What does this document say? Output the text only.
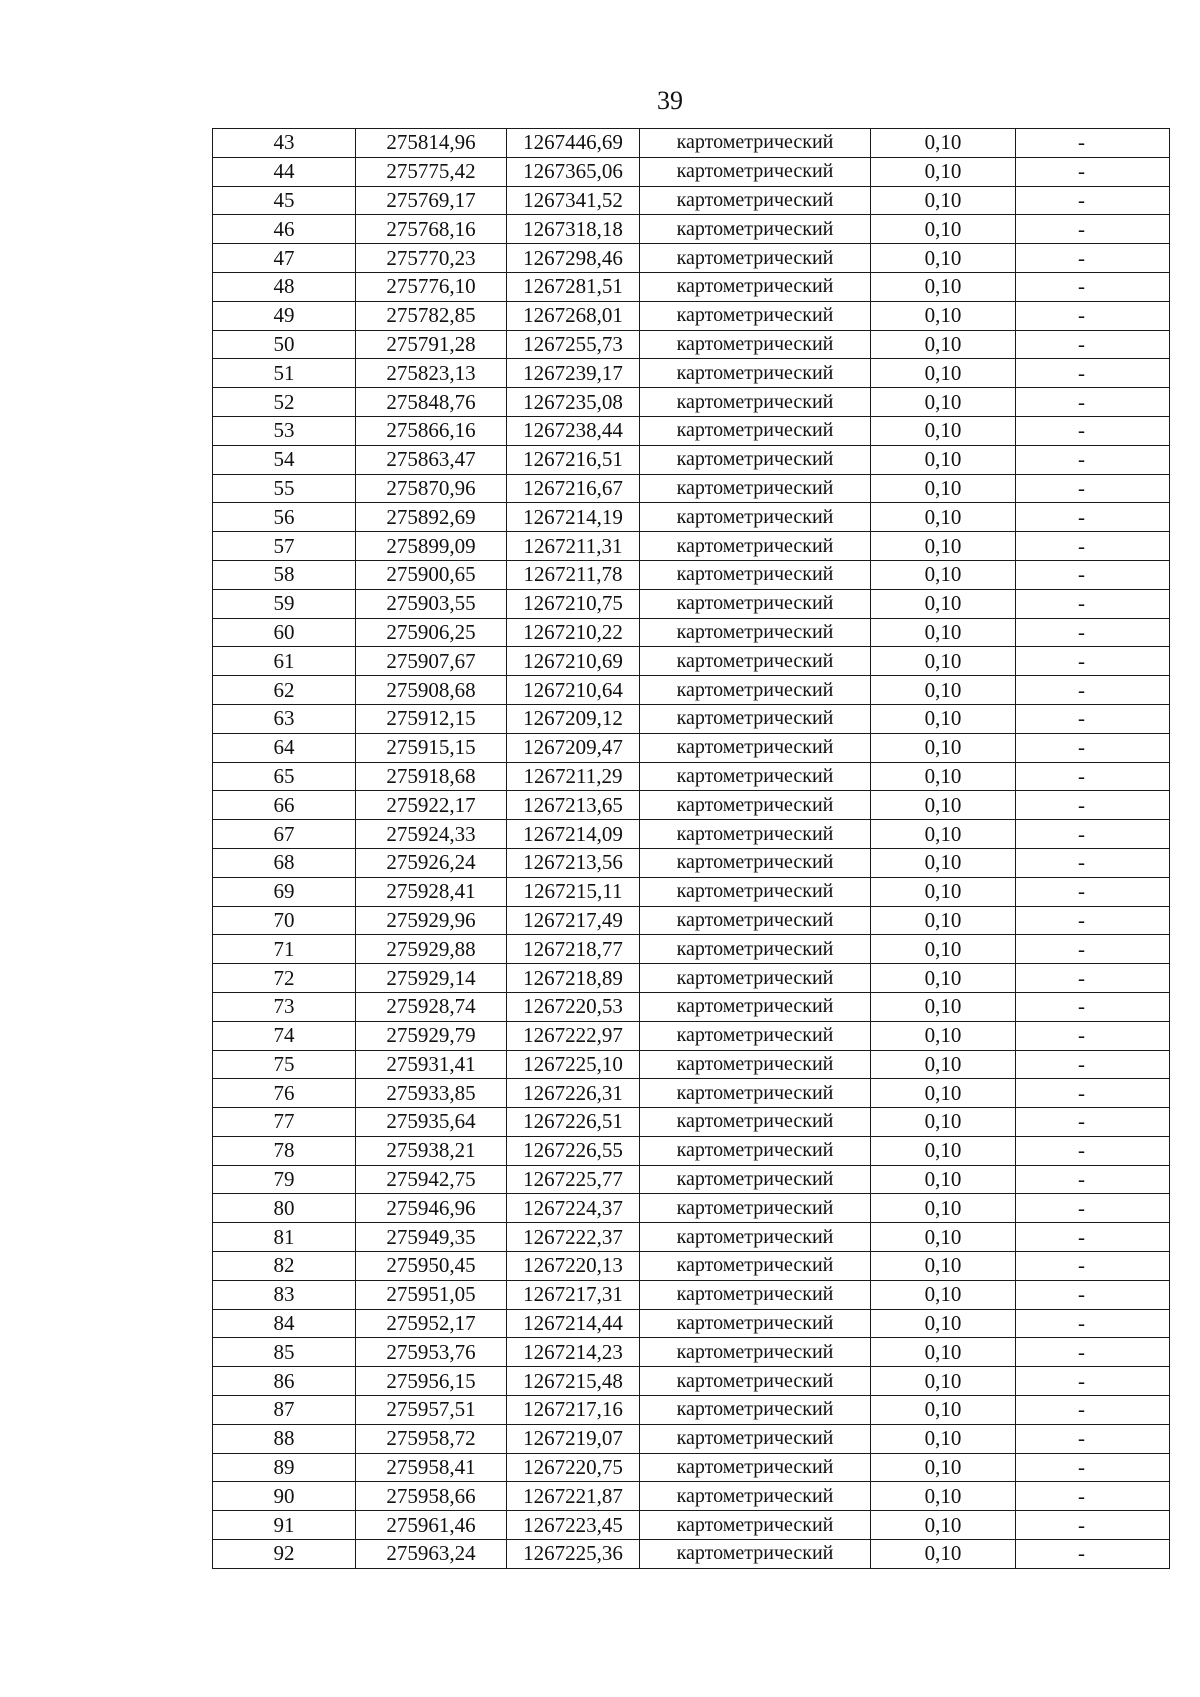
39
43	275814,96	1267446,69	картометрический	0,10	-
44	275775,42	1267365,06	картометрический	0,10	-
45	275769,17	1267341,52	картометрический	0,10	-
46	275768,16	1267318,18	картометрический	0,10	-
47	275770,23	1267298,46	картометрический	0,10	-
48	275776,10	1267281,51	картометрический	0,10	-
49	275782,85	1267268,01	картометрический	0,10	-
50	275791,28	1267255,73	картометрический	0,10	-
51	275823,13	1267239,17	картометрический	0,10	-
52	275848,76	1267235,08	картометрический	0,10	-
53	275866,16	1267238,44	картометрический	0,10	-
54	275863,47	1267216,51	картометрический	0,10	-
55	275870,96	1267216,67	картометрический	0,10	-
56	275892,69	1267214,19	картометрический	0,10	-
57	275899,09	1267211,31	картометрический	0,10	-
58	275900,65	1267211,78	картометрический	0,10	-
59	275903,55	1267210,75	картометрический	0,10	-
60	275906,25	1267210,22	картометрический	0,10	-
61	275907,67	1267210,69	картометрический	0,10	-
62	275908,68	1267210,64	картометрический	0,10	-
63	275912,15	1267209,12	картометрический	0,10	-
64	275915,15	1267209,47	картометрический	0,10	-
65	275918,68	1267211,29	картометрический	0,10	-
66	275922,17	1267213,65	картометрический	0,10	-
67	275924,33	1267214,09	картометрический	0,10	-
68	275926,24	1267213,56	картометрический	0,10	-
69	275928,41	1267215,11	картометрический	0,10	-
70	275929,96	1267217,49	картометрический	0,10	-
71	275929,88	1267218,77	картометрический	0,10	-
72	275929,14	1267218,89	картометрический	0,10	-
73	275928,74	1267220,53	картометрический	0,10	-
74	275929,79	1267222,97	картометрический	0,10	-
75	275931,41	1267225,10	картометрический	0,10	-
76	275933,85	1267226,31	картометрический	0,10	-
77	275935,64	1267226,51	картометрический	0,10	-
78	275938,21	1267226,55	картометрический	0,10	-
79	275942,75	1267225,77	картометрический	0,10	-
80	275946,96	1267224,37	картометрический	0,10	-
81	275949,35	1267222,37	картометрический	0,10	-
82	275950,45	1267220,13	картометрический	0,10	-
83	275951,05	1267217,31	картометрический	0,10	-
84	275952,17	1267214,44	картометрический	0,10	-
85	275953,76	1267214,23	картометрический	0,10	-
86	275956,15	1267215,48	картометрический	0,10	-
87	275957,51	1267217,16	картометрический	0,10	-
88	275958,72	1267219,07	картометрический	0,10	-
89	275958,41	1267220,75	картометрический	0,10	-
90	275958,66	1267221,87	картометрический	0,10	-
91	275961,46	1267223,45	картометрический	0,10	-
92	275963,24	1267225,36	картометрический	0,10	-
